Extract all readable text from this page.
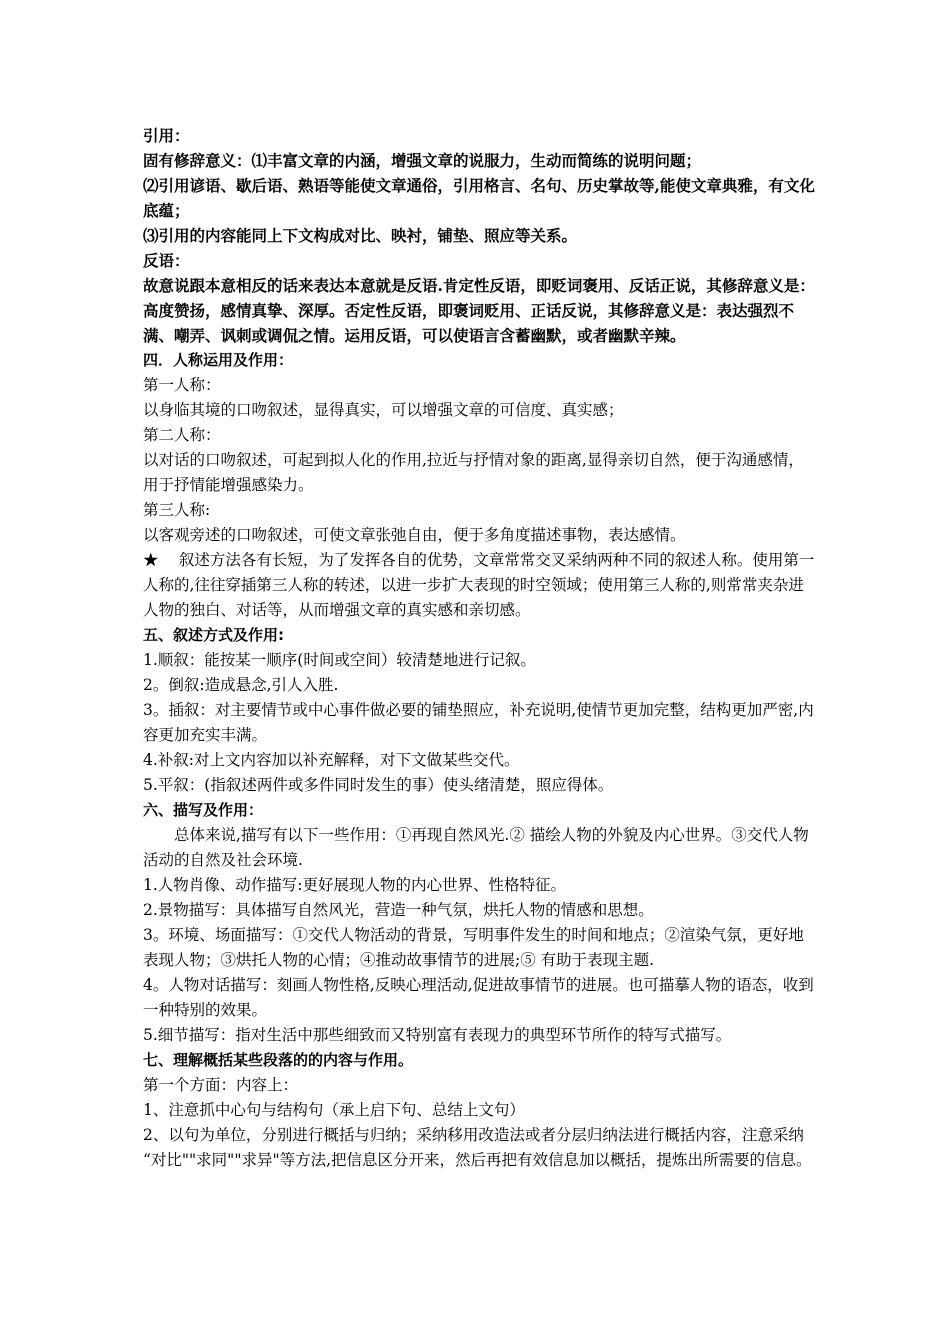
引用：

固有修辞意义：⑴丰富文章的内涵，增强文章的说服力，生动而简练的说明问题；

⑵引用谚语、歇后语、熟语等能使文章通俗，引用格言、名句、历史掌故等,能使文章典雅，有文化底蕴；

⑶引用的内容能同上下文构成对比、映衬，铺垫、照应等关系。

反语：

故意说跟本意相反的话来表达本意就是反语.肯定性反语，即贬词褒用、反话正说，其修辞意义是：高度赞扬，感情真挚、深厚。否定性反语，即褒词贬用、正话反说，其修辞意义是：表达强烈不满、嘲弄、讽刺或调侃之情。运用反语，可以使语言含蓄幽默，或者幽默辛辣。

四．人称运用及作用：

第一人称：

以身临其境的口吻叙述，显得真实，可以增强文章的可信度、真实感；

第二人称：

以对话的口吻叙述，可起到拟人化的作用,拉近与抒情对象的距离,显得亲切自然，便于沟通感情，用于抒情能增强感染力。

第三人称:

以客观旁述的口吻叙述，可使文章张弛自由，便于多角度描述事物，表达感情。

★　 叙述方法各有长短，为了发挥各自的优势，文章常常交叉采纳两种不同的叙述人称。使用第一人称的,往往穿插第三人称的转述，以进一步扩大表现的时空领域；使用第三人称的,则常常夹杂进人物的独白、对话等，从而增强文章的真实感和亲切感。

五、叙述方式及作用:

1.顺叙：能按某一顺序(时间或空间）较清楚地进行记叙。

2。倒叙:造成悬念,引人入胜.

3。插叙：对主要情节或中心事件做必要的铺垫照应，补充说明,使情节更加完整，结构更加严密,内容更加充实丰满。

4.补叙:对上文内容加以补充解释，对下文做某些交代。

5.平叙：(指叙述两件或多件同时发生的事）使头绪清楚，照应得体。

六、描写及作用：

总体来说,描写有以下一些作用：①再现自然风光.② 描绘人物的外貌及内心世界。③交代人物活动的自然及社会环境.

1.人物肖像、动作描写:更好展现人物的内心世界、性格特征。

2.景物描写：具体描写自然风光，营造一种气氛，烘托人物的情感和思想。

3。环境、场面描写：①交代人物活动的背景，写明事件发生的时间和地点；②渲染气氛，更好地表现人物；③烘托人物的心情；④推动故事情节的进展;⑤ 有助于表现主题.

4。人物对话描写：刻画人物性格,反映心理活动,促进故事情节的进展。也可描摹人物的语态，收到一种特别的效果。

5.细节描写：指对生活中那些细致而又特别富有表现力的典型环节所作的特写式描写。

七、理解概括某些段落的的内容与作用。

第一个方面：内容上：

1、注意抓中心句与结构句（承上启下句、总结上文句）

2、以句为单位，分别进行概括与归纳；采纳移用改造法或者分层归纳法进行概括内容，注意采纳 “对比""求同""求异"等方法,把信息区分开来，然后再把有效信息加以概括，提炼出所需要的信息。
